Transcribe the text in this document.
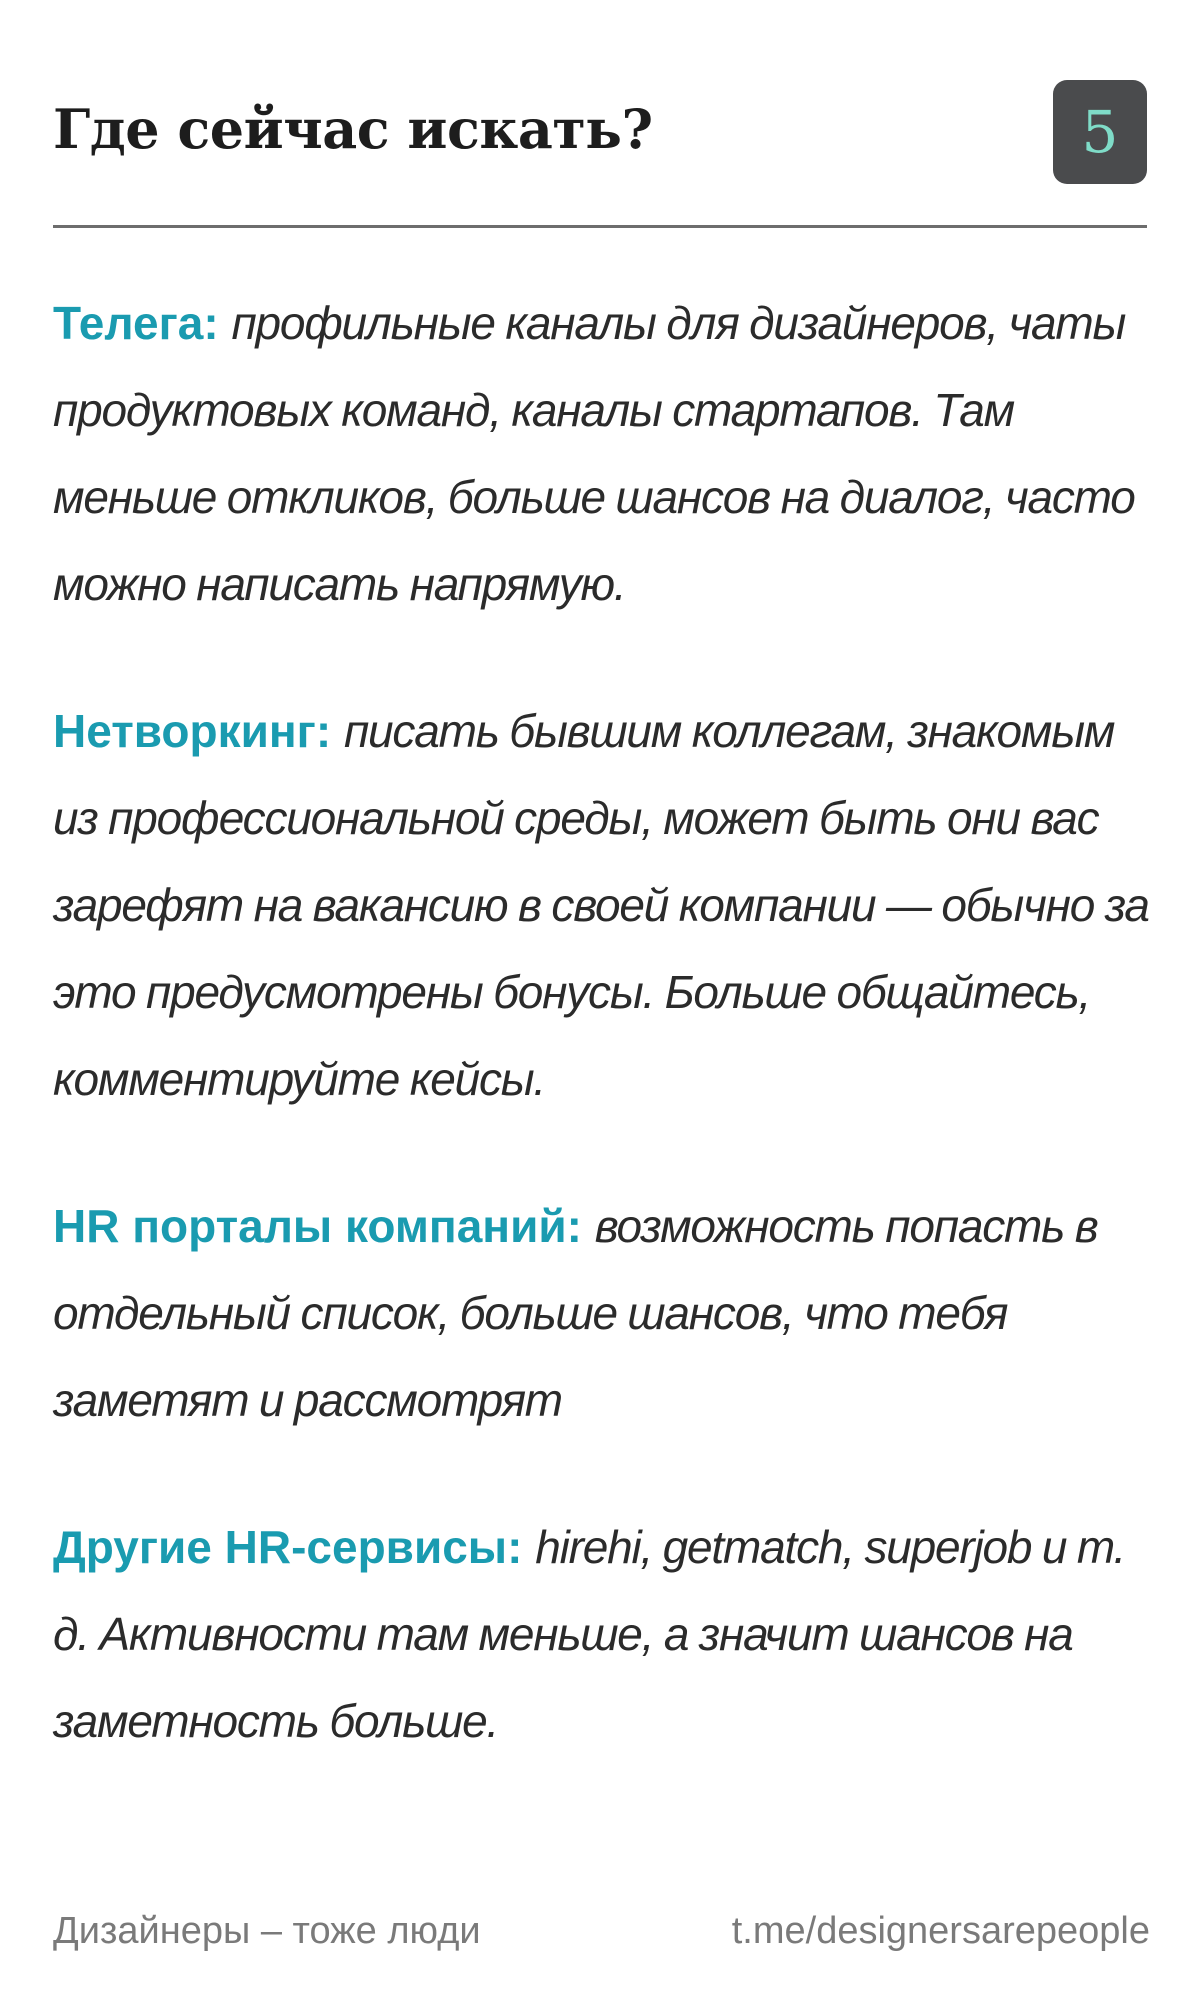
Где сейчас искать?	5

Телега: профильные каналы для дизайнеров, чаты продуктовых команд, каналы стартапов. Там меньше откликов, больше шансов на диалог, часто можно написать напрямую.

Нетворкинг: писать бывшим коллегам, знакомым из профессиональной среды, может быть они вас зарефят на вакансию в своей компании — обычно за это предусмотрены бонусы. Больше общайтесь, комментируйте кейсы.

HR порталы компаний: возможность попасть в отдельный список, больше шансов, что тебя заметят и рассмотрят

Другие HR-сервисы: hirehi, getmatch, superjob и т. д. Активности там меньше, а значит шансов на заметность больше.

Дизайнеры – тоже люди	t.me/designersarepeople
